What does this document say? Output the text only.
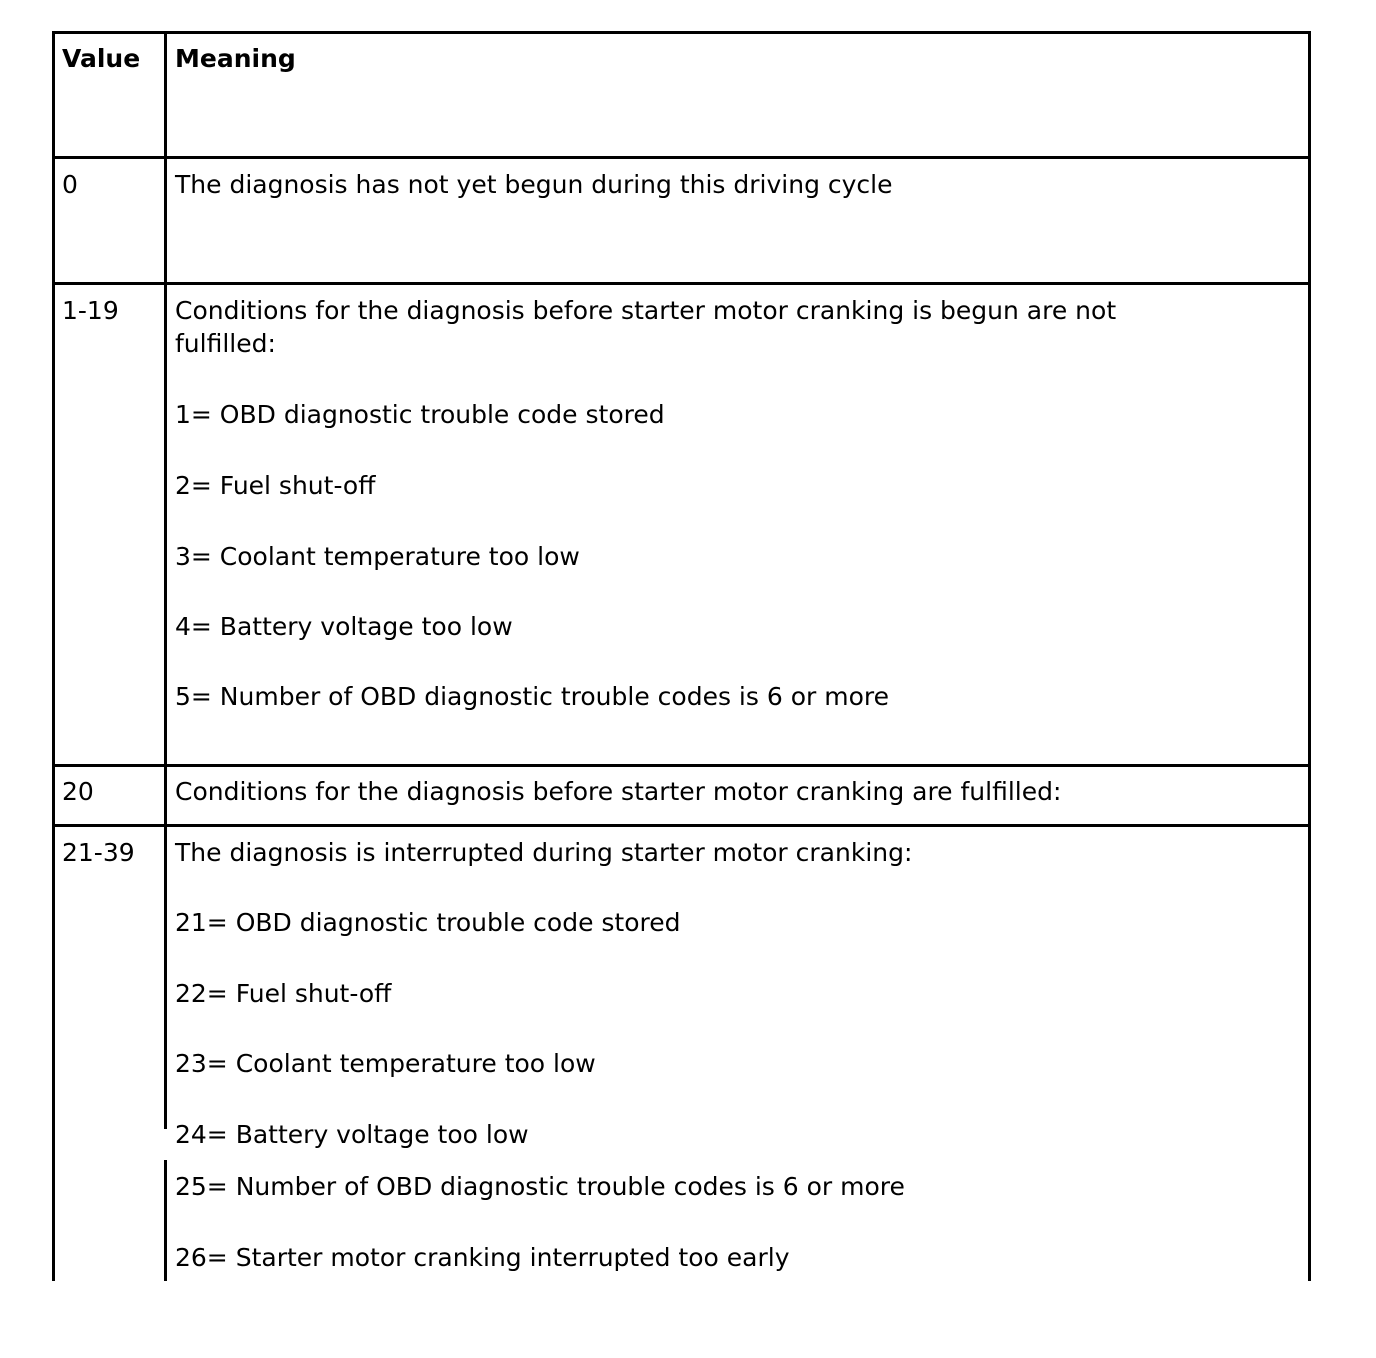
Value Meaning
0	The diagnosis has not yet begun during this driving cycle
1-19 Conditions for the diagnosis before starter motor cranking is begun are not
fulfilled:
1= OBD diagnostic trouble code stored
2= Fuel shut-off
3= Coolant temperature too low
4= Battery voltage too low
5= Number of OBD diagnostic trouble codes is 6 or more
20	Conditions for the diagnosis before starter motor cranking are fulfilled:
21-39 The diagnosis is interrupted during starter motor cranking:
21= OBD diagnostic trouble code stored
22= Fuel shut-off
23= Coolant temperature too low
24= Battery voltage too low
25= Number of OBD diagnostic trouble codes is 6 or more
26= Starter motor cranking interrupted too early
